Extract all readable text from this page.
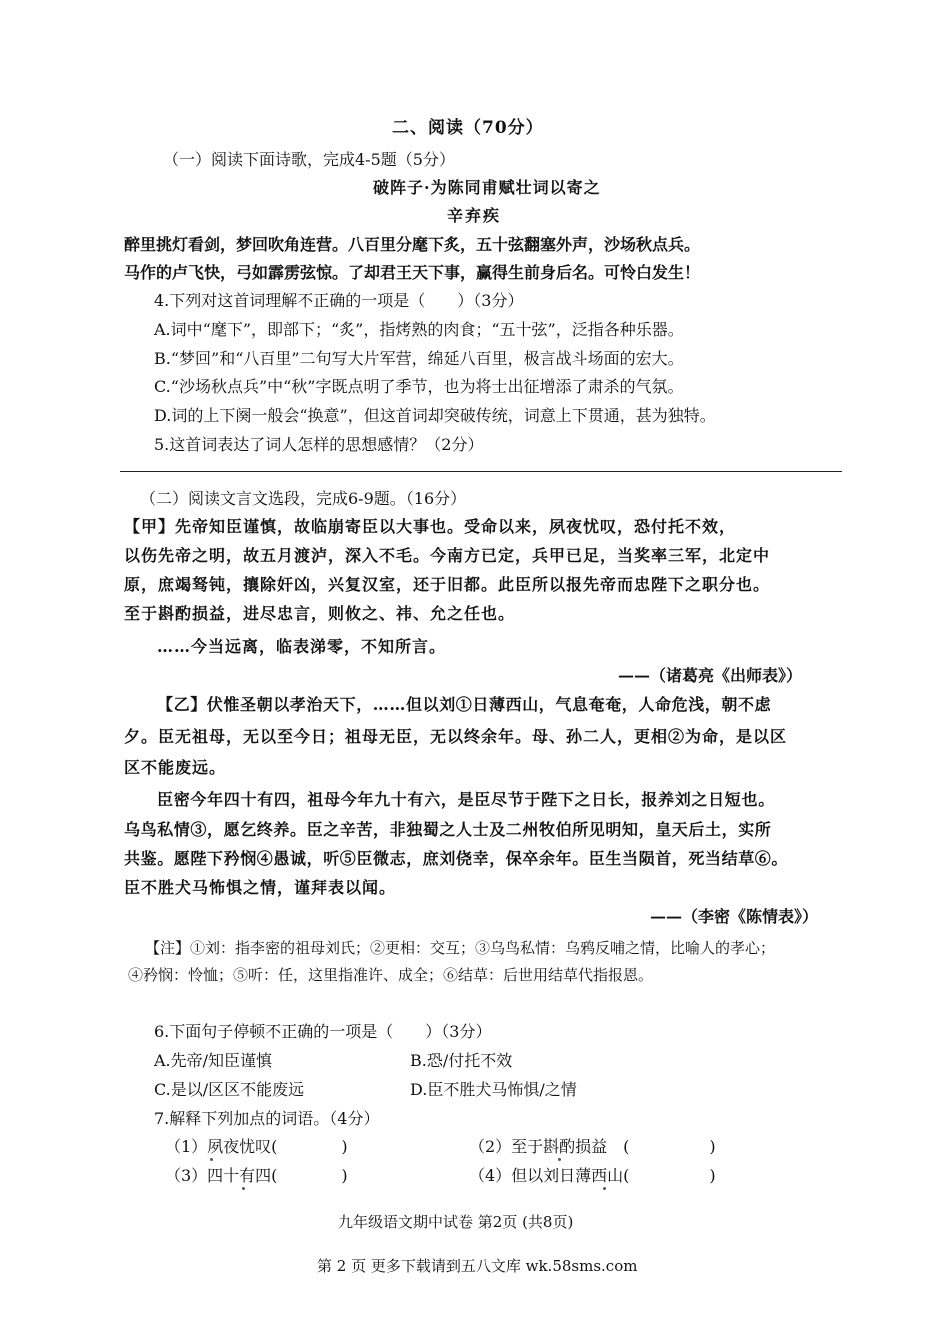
二、阅读（70分）
（一）阅读下面诗歌，完成4-5题（5分）
破阵子·为陈同甫赋壮词以寄之
辛弃疾
醉里挑灯看剑，梦回吹角连营。八百里分麾下炙，五十弦翻塞外声，沙场秋点兵。
马作的卢飞快，弓如霹雳弦惊。了却君王天下事，赢得生前身后名。可怜白发生！
4.下列对这首词理解不正确的一项是（　　）（3分）
A.词中“麾下”，即部下；“炙”，指烤熟的肉食；“五十弦”，泛指各种乐器。
B.“梦回”和“八百里”二句写大片军营，绵延八百里，极言战斗场面的宏大。
C.“沙场秋点兵”中“秋”字既点明了季节，也为将士出征增添了肃杀的气氛。
D.词的上下阕一般会“换意”，但这首词却突破传统，词意上下贯通，甚为独特。
5.这首词表达了词人怎样的思想感情？（2分）
（二）阅读文言文选段，完成6-9题。（16分）
【甲】先帝知臣谨慎，故临崩寄臣以大事也。受命以来，夙夜忧叹，恐付托不效，
以伤先帝之明，故五月渡泸，深入不毛。今南方已定，兵甲已足，当奖率三军，北定中
原，庶竭驽钝，攘除奸凶，兴复汉室，还于旧都。此臣所以报先帝而忠陛下之职分也。
至于斟酌损益，进尽忠言，则攸之、祎、允之任也。
……今当远离，临表涕零，不知所言。
——（诸葛亮《出师表》）
【乙】伏惟圣朝以孝治天下，……但以刘①日薄西山，气息奄奄，人命危浅，朝不虑
夕。臣无祖母，无以至今日；祖母无臣，无以终余年。母、孙二人，更相②为命，是以区
区不能废远。
臣密今年四十有四，祖母今年九十有六，是臣尽节于陛下之日长，报养刘之日短也。
乌鸟私情③，愿乞终养。臣之辛苦，非独蜀之人士及二州牧伯所见明知，皇天后土，实所
共鉴。愿陛下矜悯④愚诚，听⑤臣微志，庶刘侥幸，保卒余年。臣生当陨首，死当结草⑥。
臣不胜犬马怖惧之情，谨拜表以闻。
——（李密《陈情表》）
【注】①刘：指李密的祖母刘氏；②更相：交互；③乌鸟私情：乌鸦反哺之情，比喻人的孝心；
④矜悯：怜恤；⑤听：任，这里指准许、成全；⑥结草：后世用结草代指报恩。
6.下面句子停顿不正确的一项是（　　）（3分）
A.先帝/知臣谨慎	B.恐/付托不效
C.是以/区区不能废远	D.臣不胜犬马怖惧/之情
7.解释下列加点的词语。（4分）
（1）夙夜忧叹(　　　　)	（2）至于斟酌损益　(　　　　　)
（3）四十有四(　　　　)	（4）但以刘日薄西山(　　　　　)
九年级语文期中试卷 第2页 (共8页)
第 2 页 更多下载请到五八文库 wk.58sms.com
